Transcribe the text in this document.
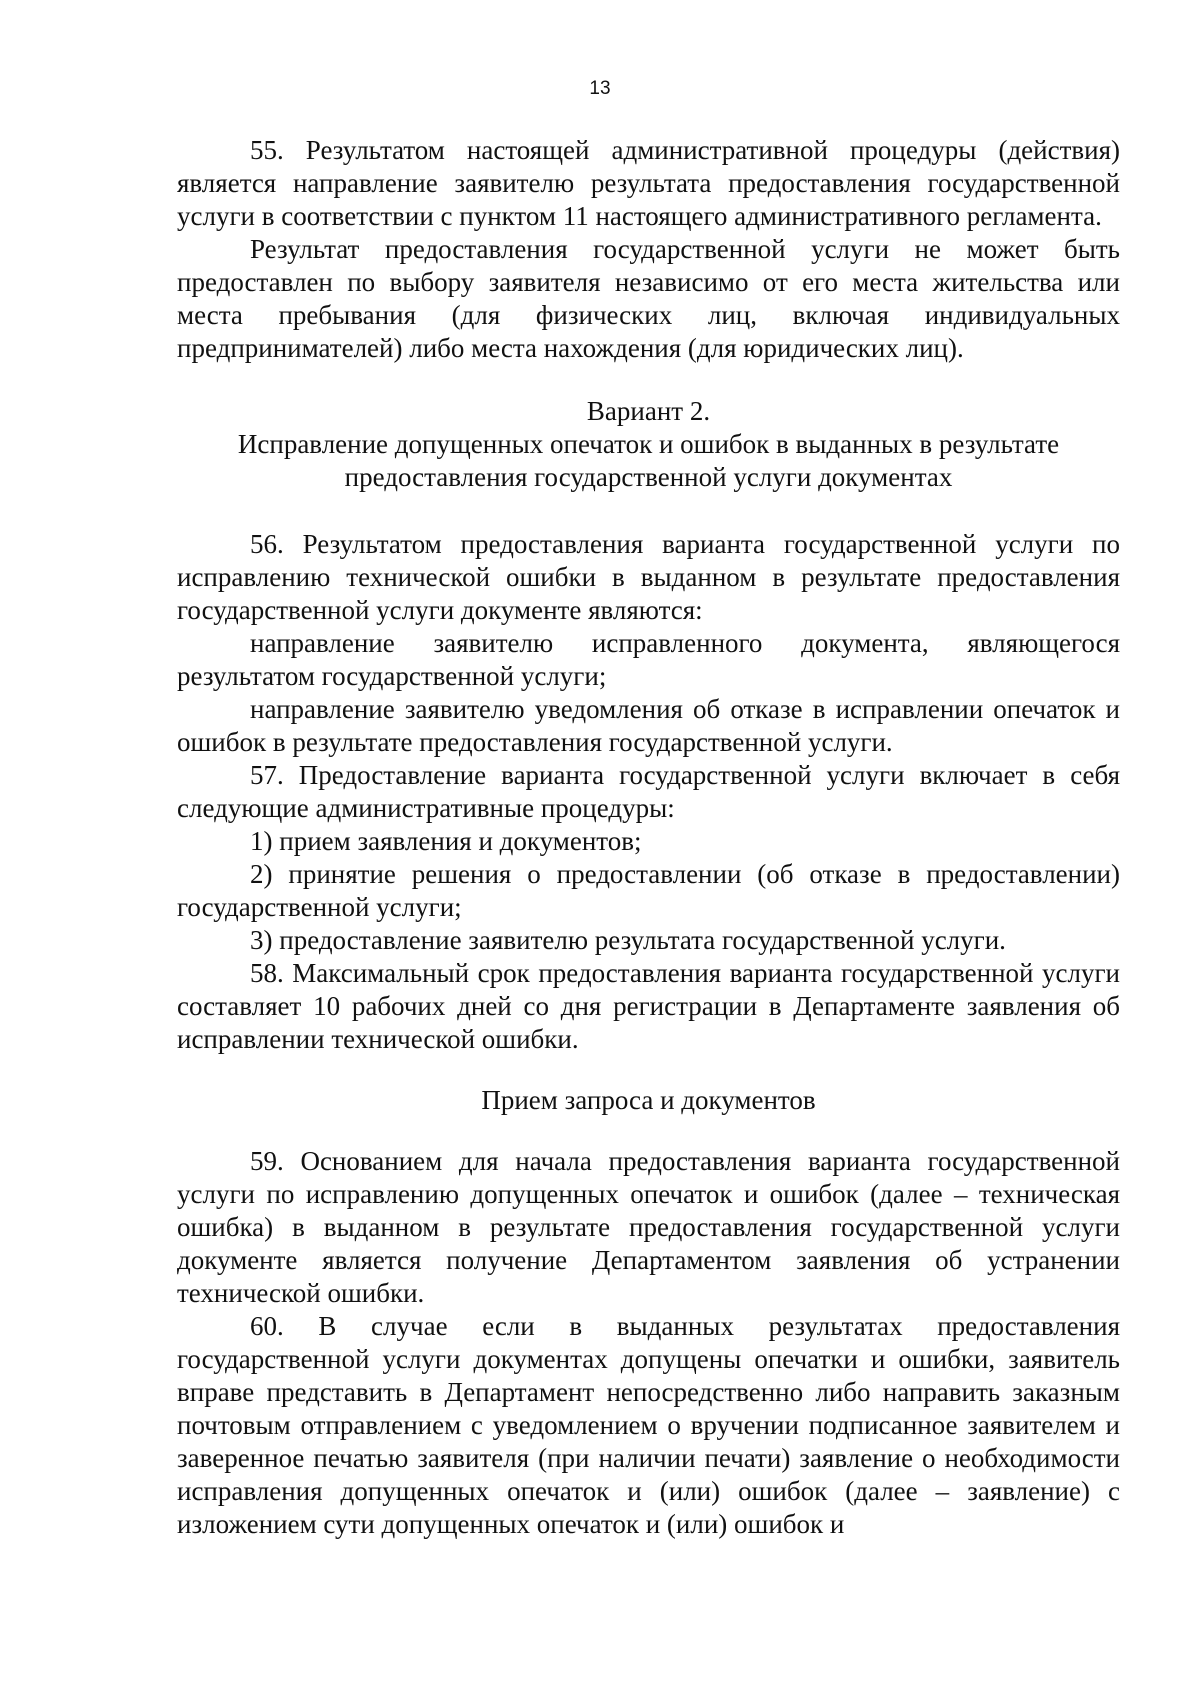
13

55. Результатом настоящей административной процедуры (действия) является направление заявителю результата предоставления государственной услуги в соответствии с пунктом 11 настоящего административного регламента.

Результат предоставления государственной услуги не может быть предоставлен по выбору заявителя независимо от его места жительства или места пребывания (для физических лиц, включая индивидуальных предпринимателей) либо места нахождения (для юридических лиц).

Вариант 2.

Исправление допущенных опечаток и ошибок в выданных в результате предоставления государственной услуги документах

56. Результатом предоставления варианта государственной услуги по исправлению технической ошибки в выданном в результате предоставления государственной услуги документе являются:

направление заявителю исправленного документа, являющегося результатом государственной услуги;

направление заявителю уведомления об отказе в исправлении опечаток и ошибок в результате предоставления государственной услуги.

57. Предоставление варианта государственной услуги включает в себя следующие административные процедуры:

1) прием заявления и документов;

2) принятие решения о предоставлении (об отказе в предоставлении) государственной услуги;

3) предоставление заявителю результата государственной услуги.

58. Максимальный срок предоставления варианта государственной услуги составляет 10 рабочих дней со дня регистрации в Департаменте заявления об исправлении технической ошибки.

Прием запроса и документов

59. Основанием для начала предоставления варианта государственной услуги по исправлению допущенных опечаток и ошибок (далее – техническая ошибка) в выданном в результате предоставления государственной услуги документе является получение Департаментом заявления об устранении технической ошибки.

60. В случае если в выданных результатах предоставления государственной услуги документах допущены опечатки и ошибки, заявитель вправе представить в Департамент непосредственно либо направить заказным почтовым отправлением с уведомлением о вручении подписанное заявителем и заверенное печатью заявителя (при наличии печати) заявление о необходимости исправления допущенных опечаток и (или) ошибок (далее – заявление) с изложением сути допущенных опечаток и (или) ошибок и
